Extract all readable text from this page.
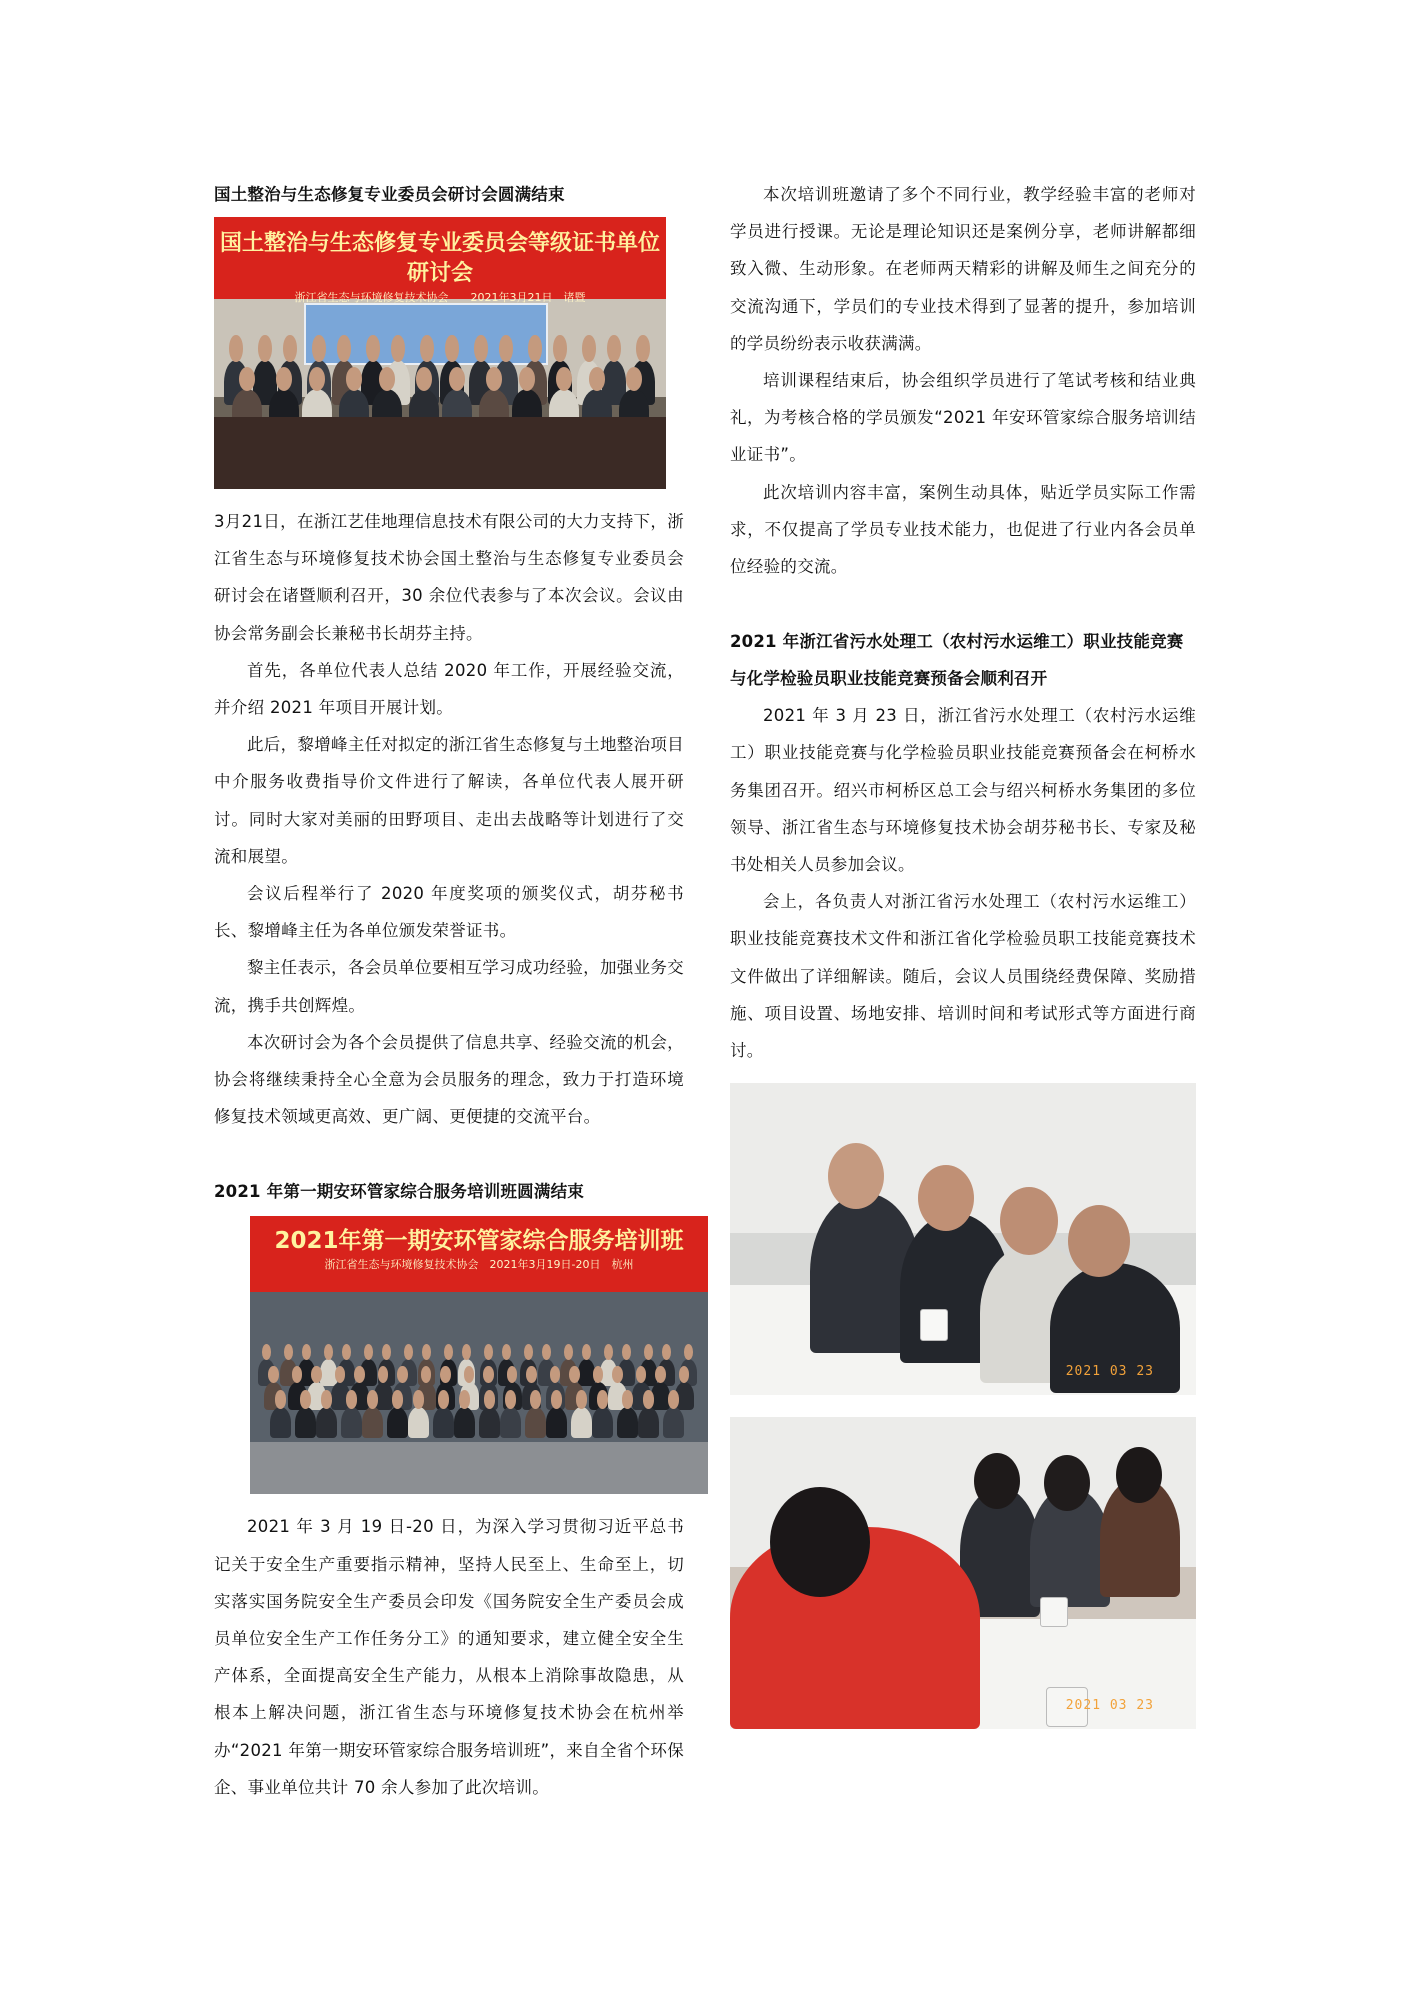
国土整治与生态修复专业委员会研讨会圆满结束

国土整治与生态修复专业委员会等级证书单位研讨会
浙江省生态与环境修复技术协会　　2021年3月21日　诸暨

3月21日，在浙江艺佳地理信息技术有限公司的大力支持下，浙江省生态与环境修复技术协会国土整治与生态修复专业委员会研讨会在诸暨顺利召开，30 余位代表参与了本次会议。会议由协会常务副会长兼秘书长胡芬主持。

首先，各单位代表人总结 2020 年工作，开展经验交流，并介绍 2021 年项目开展计划。

此后，黎增峰主任对拟定的浙江省生态修复与土地整治项目中介服务收费指导价文件进行了解读，各单位代表人展开研讨。同时大家对美丽的田野项目、走出去战略等计划进行了交流和展望。

会议后程举行了 2020 年度奖项的颁奖仪式，胡芬秘书长、黎增峰主任为各单位颁发荣誉证书。

黎主任表示，各会员单位要相互学习成功经验，加强业务交流，携手共创辉煌。

本次研讨会为各个会员提供了信息共享、经验交流的机会，协会将继续秉持全心全意为会员服务的理念，致力于打造环境修复技术领域更高效、更广阔、更便捷的交流平台。

2021 年第一期安环管家综合服务培训班圆满结束

2021年第一期安环管家综合服务培训班
浙江省生态与环境修复技术协会　2021年3月19日-20日　杭州

2021 年 3 月 19 日-20 日，为深入学习贯彻习近平总书记关于安全生产重要指示精神，坚持人民至上、生命至上，切实落实国务院安全生产委员会印发《国务院安全生产委员会成员单位安全生产工作任务分工》的通知要求，建立健全安全生产体系，全面提高安全生产能力，从根本上消除事故隐患，从根本上解决问题，浙江省生态与环境修复技术协会在杭州举办“2021 年第一期安环管家综合服务培训班”，来自全省个环保企、事业单位共计 70 余人参加了此次培训。

本次培训班邀请了多个不同行业，教学经验丰富的老师对学员进行授课。无论是理论知识还是案例分享，老师讲解都细致入微、生动形象。在老师两天精彩的讲解及师生之间充分的交流沟通下，学员们的专业技术得到了显著的提升，参加培训的学员纷纷表示收获满满。

培训课程结束后，协会组织学员进行了笔试考核和结业典礼，为考核合格的学员颁发“2021 年安环管家综合服务培训结业证书”。

此次培训内容丰富，案例生动具体，贴近学员实际工作需求，不仅提高了学员专业技术能力，也促进了行业内各会员单位经验的交流。

2021 年浙江省污水处理工（农村污水运维工）职业技能竞赛与化学检验员职业技能竞赛预备会顺利召开

2021 年 3 月 23 日，浙江省污水处理工（农村污水运维工）职业技能竞赛与化学检验员职业技能竞赛预备会在柯桥水务集团召开。绍兴市柯桥区总工会与绍兴柯桥水务集团的多位领导、浙江省生态与环境修复技术协会胡芬秘书长、专家及秘书处相关人员参加会议。

会上，各负责人对浙江省污水处理工（农村污水运维工）职业技能竞赛技术文件和浙江省化学检验员职工技能竞赛技术文件做出了详细解读。随后，会议人员围绕经费保障、奖励措施、项目设置、场地安排、培训时间和考试形式等方面进行商讨。

2021 03 23
2021 03 23
